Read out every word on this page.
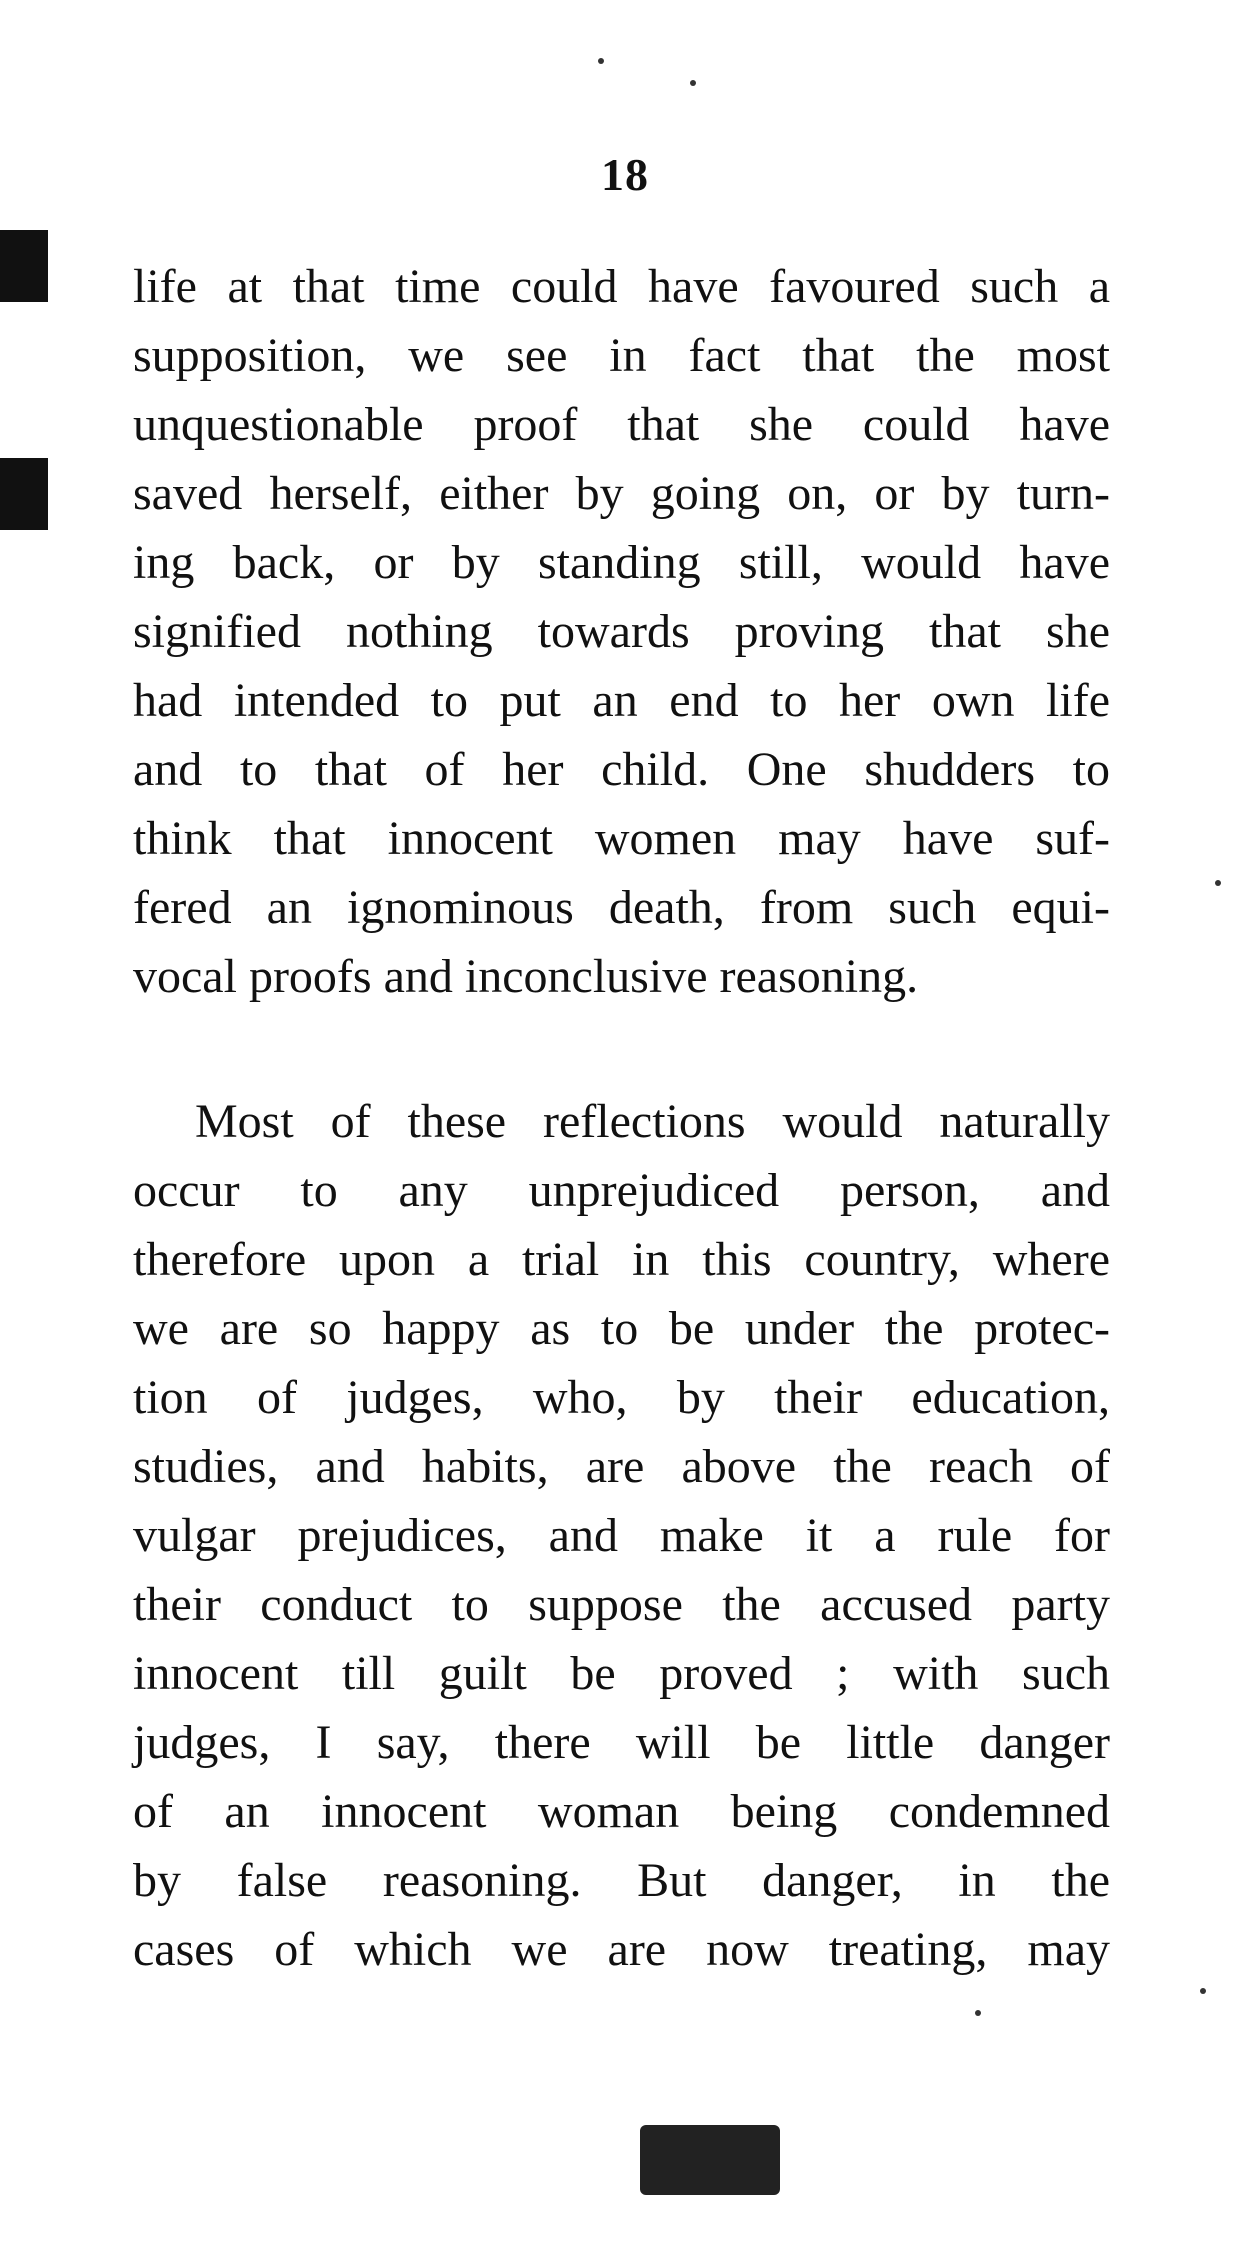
18
life at that time could have favoured such a
supposition, we see in fact that the most
unquestionable proof that she could have
saved herself, either by going on, or by turn-
ing back, or by standing still, would have
signified nothing towards proving that she
had intended to put an end to her own life
and to that of her child. One shudders to
think that innocent women may have suf-
fered an ignominous death, from such equi-
vocal proofs and inconclusive reasoning.
Most of these reflections would naturally
occur to any unprejudiced person, and
therefore upon a trial in this country, where
we are so happy as to be under the protec-
tion of judges, who, by their education,
studies, and habits, are above the reach of
vulgar prejudices, and make it a rule for
their conduct to suppose the accused party
innocent till guilt be proved ; with such
judges, I say, there will be little danger
of an innocent woman being condemned
by false reasoning. But danger, in the
cases of which we are now treating, may
